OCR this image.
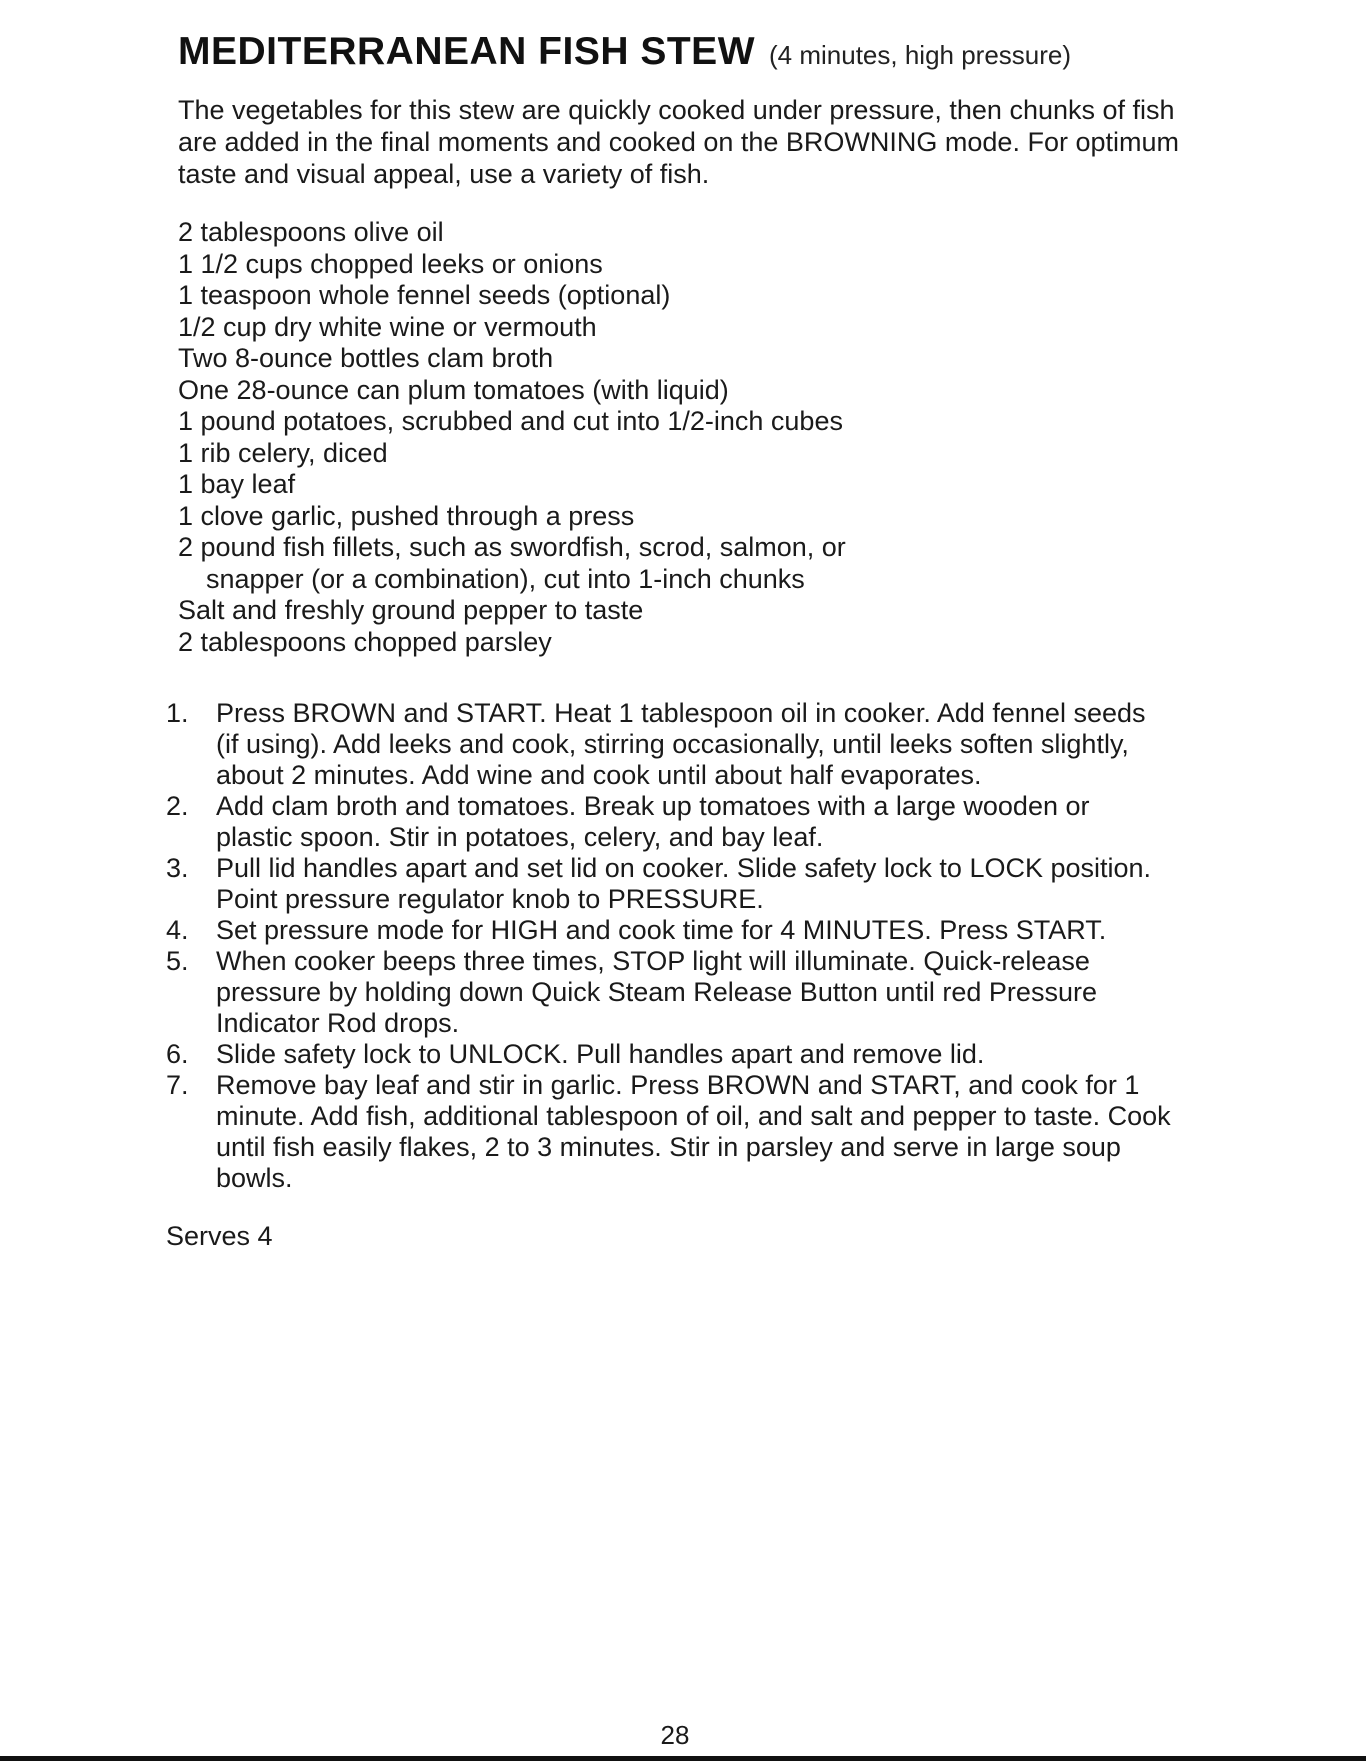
MEDITERRANEAN FISH STEW (4 minutes, high pressure)

The vegetables for this stew are quickly cooked under pressure, then chunks of fish are added in the final moments and cooked on the BROWNING mode. For optimum taste and visual appeal, use a variety of fish.

2 tablespoons olive oil
1 1/2 cups chopped leeks or onions
1 teaspoon whole fennel seeds (optional)
1/2 cup dry white wine or vermouth
Two 8-ounce bottles clam broth
One 28-ounce can plum tomatoes (with liquid)
1 pound potatoes, scrubbed and cut into 1/2-inch cubes
1 rib celery, diced
1 bay leaf
1 clove garlic, pushed through a press
2 pound fish fillets, such as swordfish, scrod, salmon, or snapper (or a combination), cut into 1-inch chunks
Salt and freshly ground pepper to taste
2 tablespoons chopped parsley
1.	Press BROWN and START. Heat 1 tablespoon oil in cooker. Add fennel seeds (if using). Add leeks and cook, stirring occasionally, until leeks soften slightly, about 2 minutes. Add wine and cook until about half evaporates.
2.	Add clam broth and tomatoes. Break up tomatoes with a large wooden or plastic spoon. Stir in potatoes, celery, and bay leaf.
3.	Pull lid handles apart and set lid on cooker. Slide safety lock to LOCK position. Point pressure regulator knob to PRESSURE.
4.	Set pressure mode for HIGH and cook time for 4 MINUTES. Press START.
5.	When cooker beeps three times, STOP light will illuminate. Quick-release pressure by holding down Quick Steam Release Button until red Pressure Indicator Rod drops.
6.	Slide safety lock to UNLOCK. Pull handles apart and remove lid.
7.	Remove bay leaf and stir in garlic. Press BROWN and START, and cook for 1 minute. Add fish, additional tablespoon of oil, and salt and pepper to taste. Cook until fish easily flakes, 2 to 3 minutes. Stir in parsley and serve in large soup bowls.
Serves 4
28
